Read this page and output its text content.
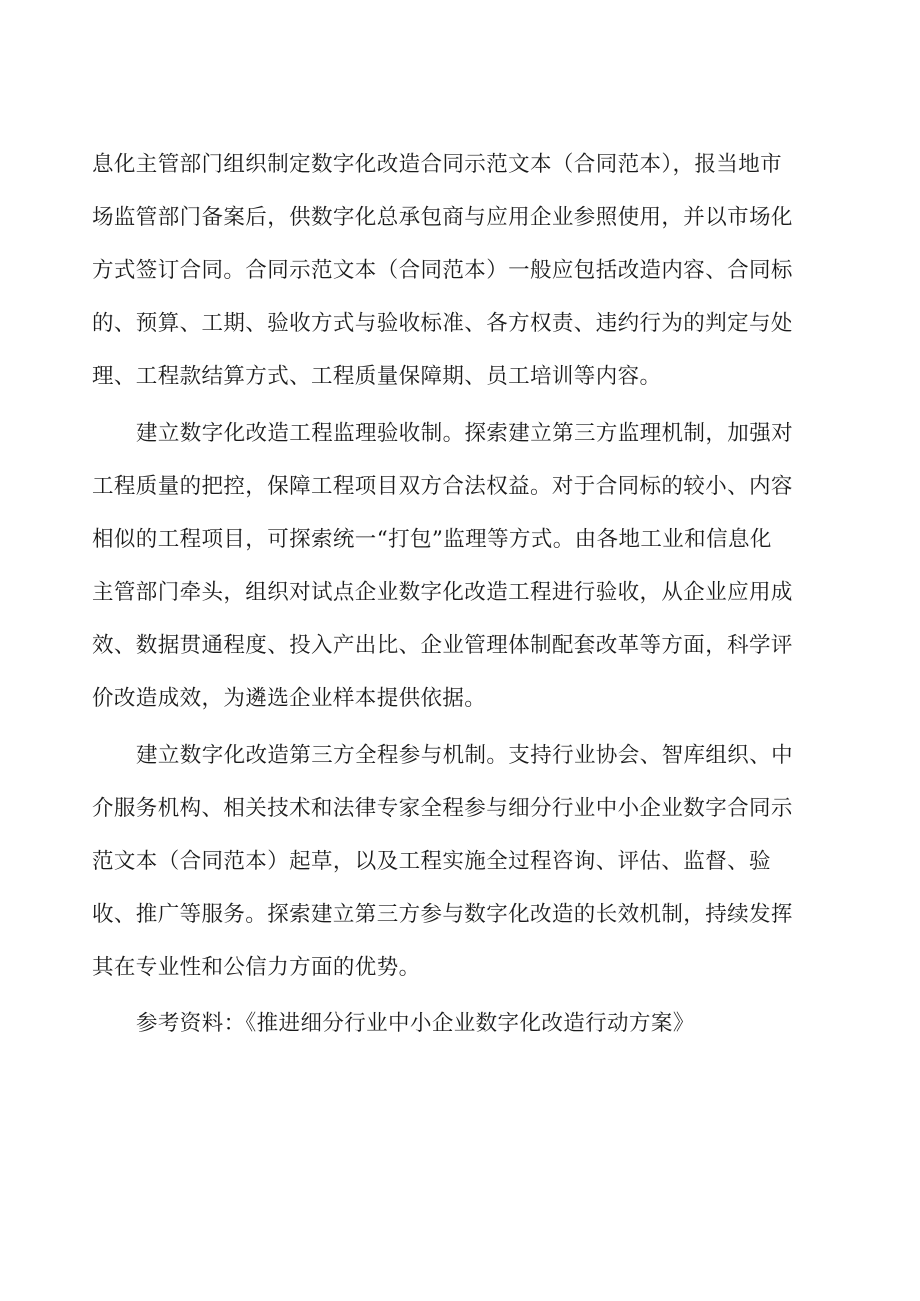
息化主管部门组织制定数字化改造合同示范文本（合同范本），报当地市
场监管部门备案后，供数字化总承包商与应用企业参照使用，并以市场化
方式签订合同。合同示范文本（合同范本）一般应包括改造内容、合同标
的、预算、工期、验收方式与验收标准、各方权责、违约行为的判定与处
理、工程款结算方式、工程质量保障期、员工培训等内容。

建立数字化改造工程监理验收制。探索建立第三方监理机制，加强对
工程质量的把控，保障工程项目双方合法权益。对于合同标的较小、内容
相似的工程项目，可探索统一“打包”监理等方式。由各地工业和信息化
主管部门牵头，组织对试点企业数字化改造工程进行验收，从企业应用成
效、数据贯通程度、投入产出比、企业管理体制配套改革等方面，科学评
价改造成效，为遴选企业样本提供依据。

建立数字化改造第三方全程参与机制。支持行业协会、智库组织、中
介服务机构、相关技术和法律专家全程参与细分行业中小企业数字合同示
范文本（合同范本）起草，以及工程实施全过程咨询、评估、监督、验
收、推广等服务。探索建立第三方参与数字化改造的长效机制，持续发挥
其在专业性和公信力方面的优势。

参考资料：《推进细分行业中小企业数字化改造行动方案》
